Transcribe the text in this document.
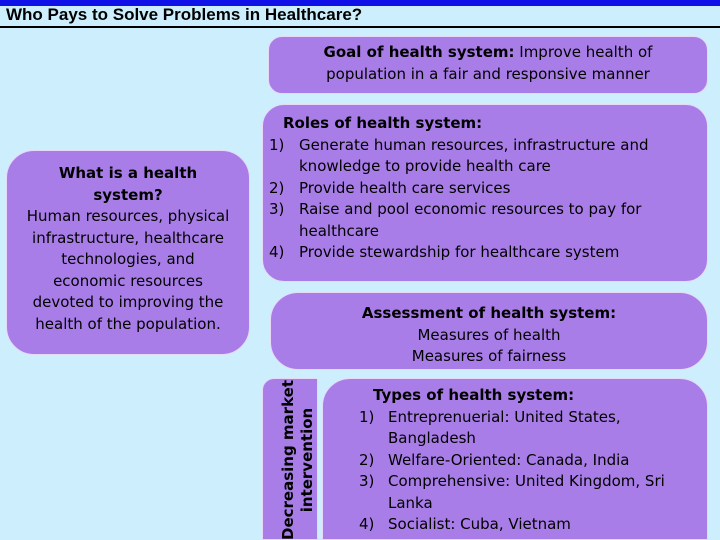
Who Pays to Solve Problems in Healthcare?
Goal of health system: Improve health of
population in a fair and responsive manner
Roles of health system:
1) Generate human resources, infrastructure and
knowledge to provide health care
2) Provide health care services
3) Raise and pool economic resources to pay for
healthcare
4) Provide stewardship for healthcare system
What is a health
system?
Human resources, physical
infrastructure, healthcare
technologies, and
economic resources
devoted to improving the
health of the population.
Assessment of health system:
Measures of health
Measures of fairness
Decreasing market intervention
Types of health system:
1) Entreprenuerial: United States,
Bangladesh
2) Welfare-Oriented: Canada, India
3) Comprehensive: United Kingdom, Sri
Lanka
4) Socialist: Cuba, Vietnam
